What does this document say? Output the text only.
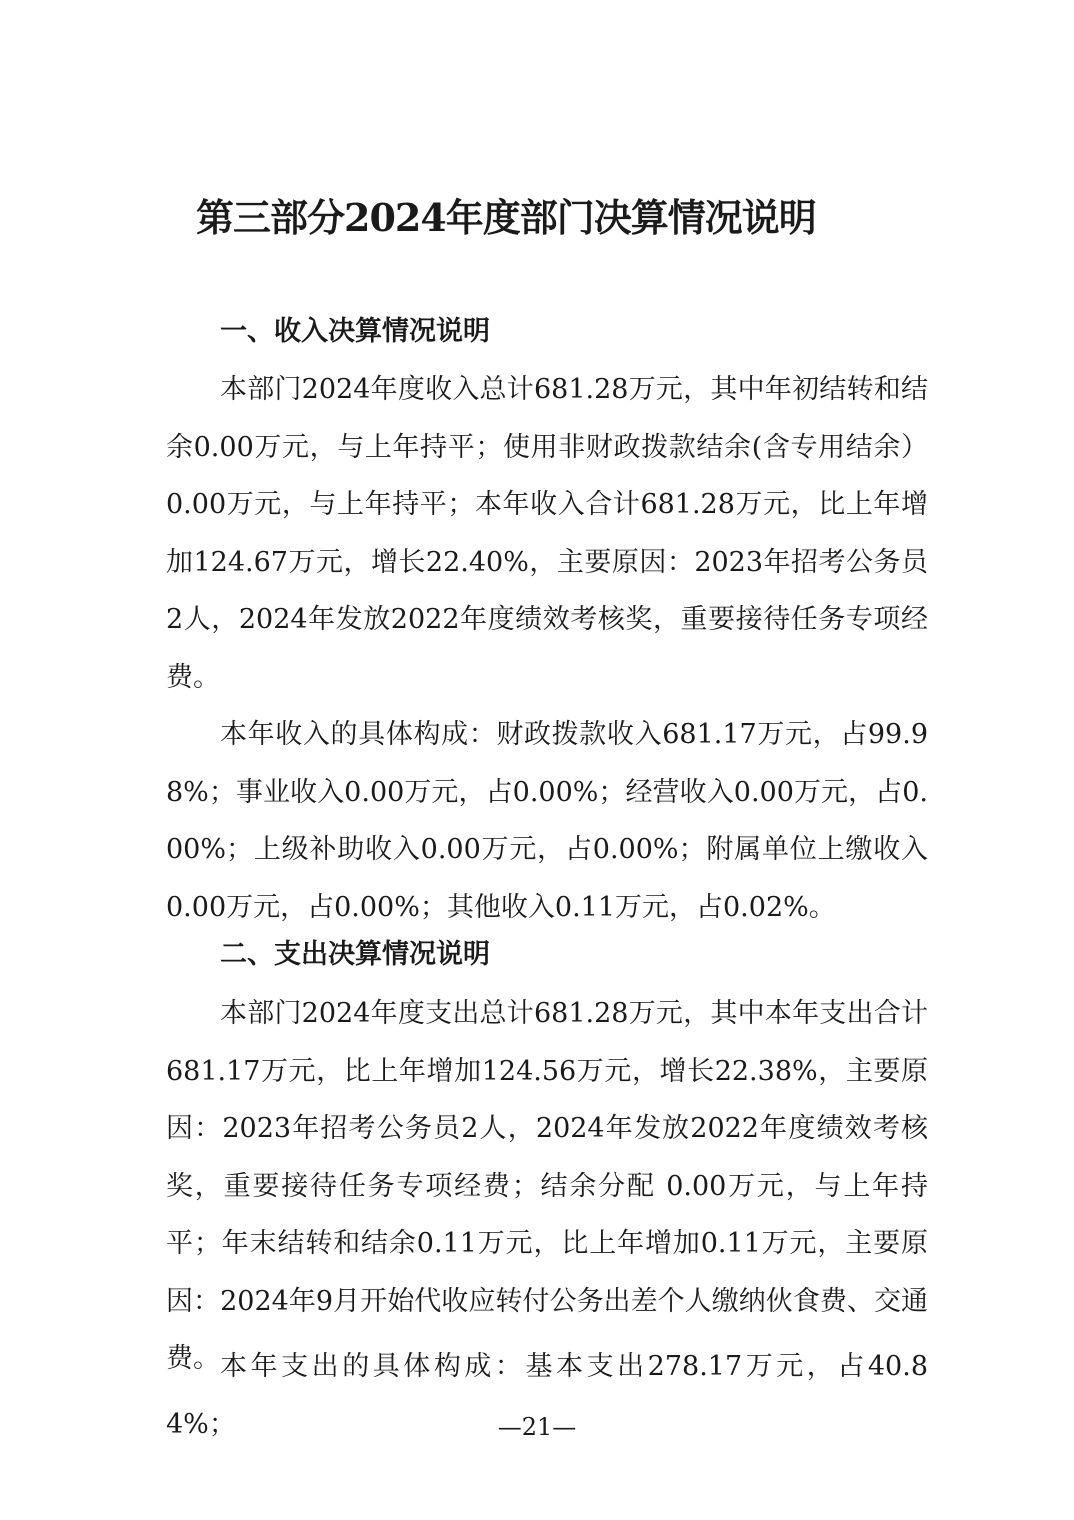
第三部分2024年度部门决算情况说明
一、收入决算情况说明

本部门2024年度收入总计681.28万元，其中年初结转和结余0.00万元，与上年持平；使用非财政拨款结余(含专用结余）0.00万元，与上年持平；本年收入合计681.28万元，比上年增加124.67万元，增长22.40%，主要原因：2023年招考公务员2人，2024年发放2022年度绩效考核奖，重要接待任务专项经费。

本年收入的具体构成：财政拨款收入681.17万元，占99.98%；事业收入0.00万元，占0.00%；经营收入0.00万元，占0.00%；上级补助收入0.00万元，占0.00%；附属单位上缴收入0.00万元，占0.00%；其他收入0.11万元，占0.02%。

二、支出决算情况说明

本部门2024年度支出总计681.28万元，其中本年支出合计681.17万元，比上年增加124.56万元，增长22.38%，主要原因：2023年招考公务员2人，2024年发放2022年度绩效考核奖，重要接待任务专项经费；结余分配 0.00万元，与上年持平；年末结转和结余0.11万元，比上年增加0.11万元，主要原因：2024年9月开始代收应转付公务出差个人缴纳伙食费、交通费。 本年支出的具体构成：基本支出278.17万元，占40.84%；	—21—
